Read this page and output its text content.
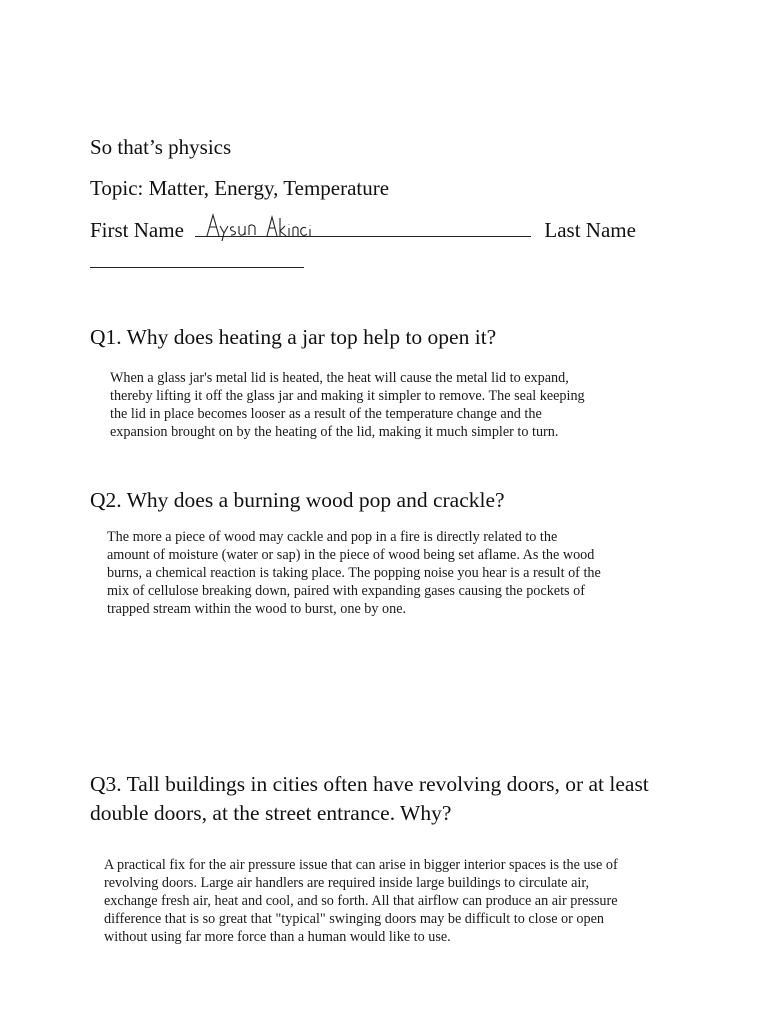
So that’s physics
Topic: Matter, Energy, Temperature
First Name	Last Name
Q1. Why does heating a jar top help to open it?
When a glass jar's metal lid is heated, the heat will cause the metal lid to expand, thereby lifting it off the glass jar and making it simpler to remove. The seal keeping the lid in place becomes looser as a result of the temperature change and the expansion brought on by the heating of the lid, making it much simpler to turn.
Q2. Why does a burning wood pop and crackle?
The more a piece of wood may cackle and pop in a fire is directly related to the amount of moisture (water or sap) in the piece of wood being set aflame. As the wood burns, a chemical reaction is taking place. The popping noise you hear is a result of the mix of cellulose breaking down, paired with expanding gases causing the pockets of trapped stream within the wood to burst, one by one.
Q3. Tall buildings in cities often have revolving doors, or at least double doors, at the street entrance. Why?
A practical fix for the air pressure issue that can arise in bigger interior spaces is the use of revolving doors. Large air handlers are required inside large buildings to circulate air, exchange fresh air, heat and cool, and so forth. All that airflow can produce an air pressure difference that is so great that "typical" swinging doors may be difficult to close or open without using far more force than a human would like to use.
